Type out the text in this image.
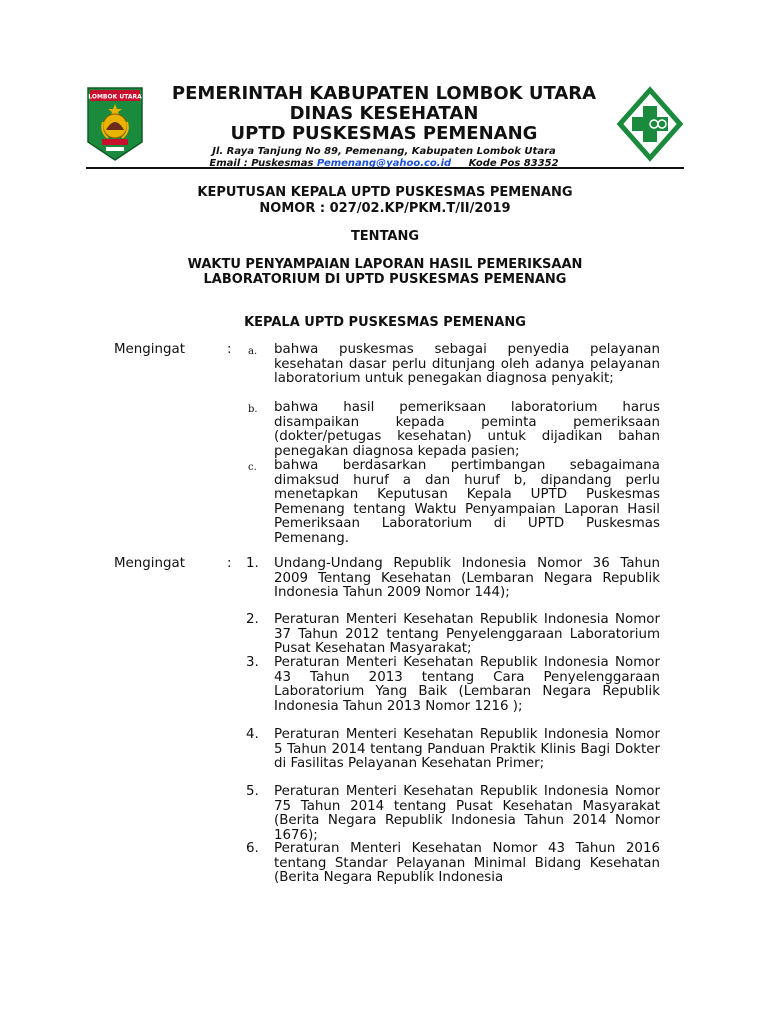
LOMBOK UTARA	PEMERINTAH KABUPATEN LOMBOK UTARA
DINAS KESEHATAN
UPTD PUSKESMAS PEMENANG
Jl. Raya Tanjung No 89, Pemenang, Kabupaten Lombok Utara
Email : Puskesmas Pemenang@yahoo.co.id Kode Pos 83352
KEPUTUSAN KEPALA UPTD PUSKESMAS PEMENANG
NOMOR : 027/02.KP/PKM.T/II/2019
TENTANG
WAKTU PENYAMPAIAN LAPORAN HASIL PEMERIKSAAN
LABORATORIUM DI UPTD PUSKESMAS PEMENANG
KEPALA UPTD PUSKESMAS PEMENANG
Mengingat	: a.	bahwa puskesmas sebagai penyedia pelayanan kesehatan dasar perlu ditunjang oleh adanya pelayanan laboratorium untuk penegakan diagnosa penyakit;
b.	bahwa hasil pemeriksaan laboratorium harus disampaikan kepada peminta pemeriksaan (dokter/petugas kesehatan) untuk dijadikan bahan penegakan diagnosa kepada pasien;
c.	bahwa berdasarkan pertimbangan sebagaimana dimaksud huruf a dan huruf b, dipandang perlu menetapkan Keputusan Kepala UPTD Puskesmas Pemenang tentang Waktu Penyampaian Laporan Hasil Pemeriksaan Laboratorium di UPTD Puskesmas Pemenang.
Mengingat	: 1.	Undang-Undang Republik Indonesia Nomor 36 Tahun 2009 Tentang Kesehatan (Lembaran Negara Republik Indonesia Tahun 2009 Nomor 144);
2.	Peraturan Menteri Kesehatan Republik Indonesia Nomor 37 Tahun 2012 tentang Penyelenggaraan Laboratorium Pusat Kesehatan Masyarakat;
3.	Peraturan Menteri Kesehatan Republik Indonesia Nomor 43 Tahun 2013 tentang Cara Penyelenggaraan Laboratorium Yang Baik (Lembaran Negara Republik Indonesia Tahun 2013 Nomor 1216 );
4.	Peraturan Menteri Kesehatan Republik Indonesia Nomor 5 Tahun 2014 tentang Panduan Praktik Klinis Bagi Dokter di Fasilitas Pelayanan Kesehatan Primer;
5.	Peraturan Menteri Kesehatan Republik Indonesia Nomor 75 Tahun 2014 tentang Pusat Kesehatan Masyarakat (Berita Negara Republik Indonesia Tahun 2014 Nomor 1676);
6.	Peraturan Menteri Kesehatan Nomor 43 Tahun 2016 tentang Standar Pelayanan Minimal Bidang Kesehatan (Berita Negara Republik Indonesia
